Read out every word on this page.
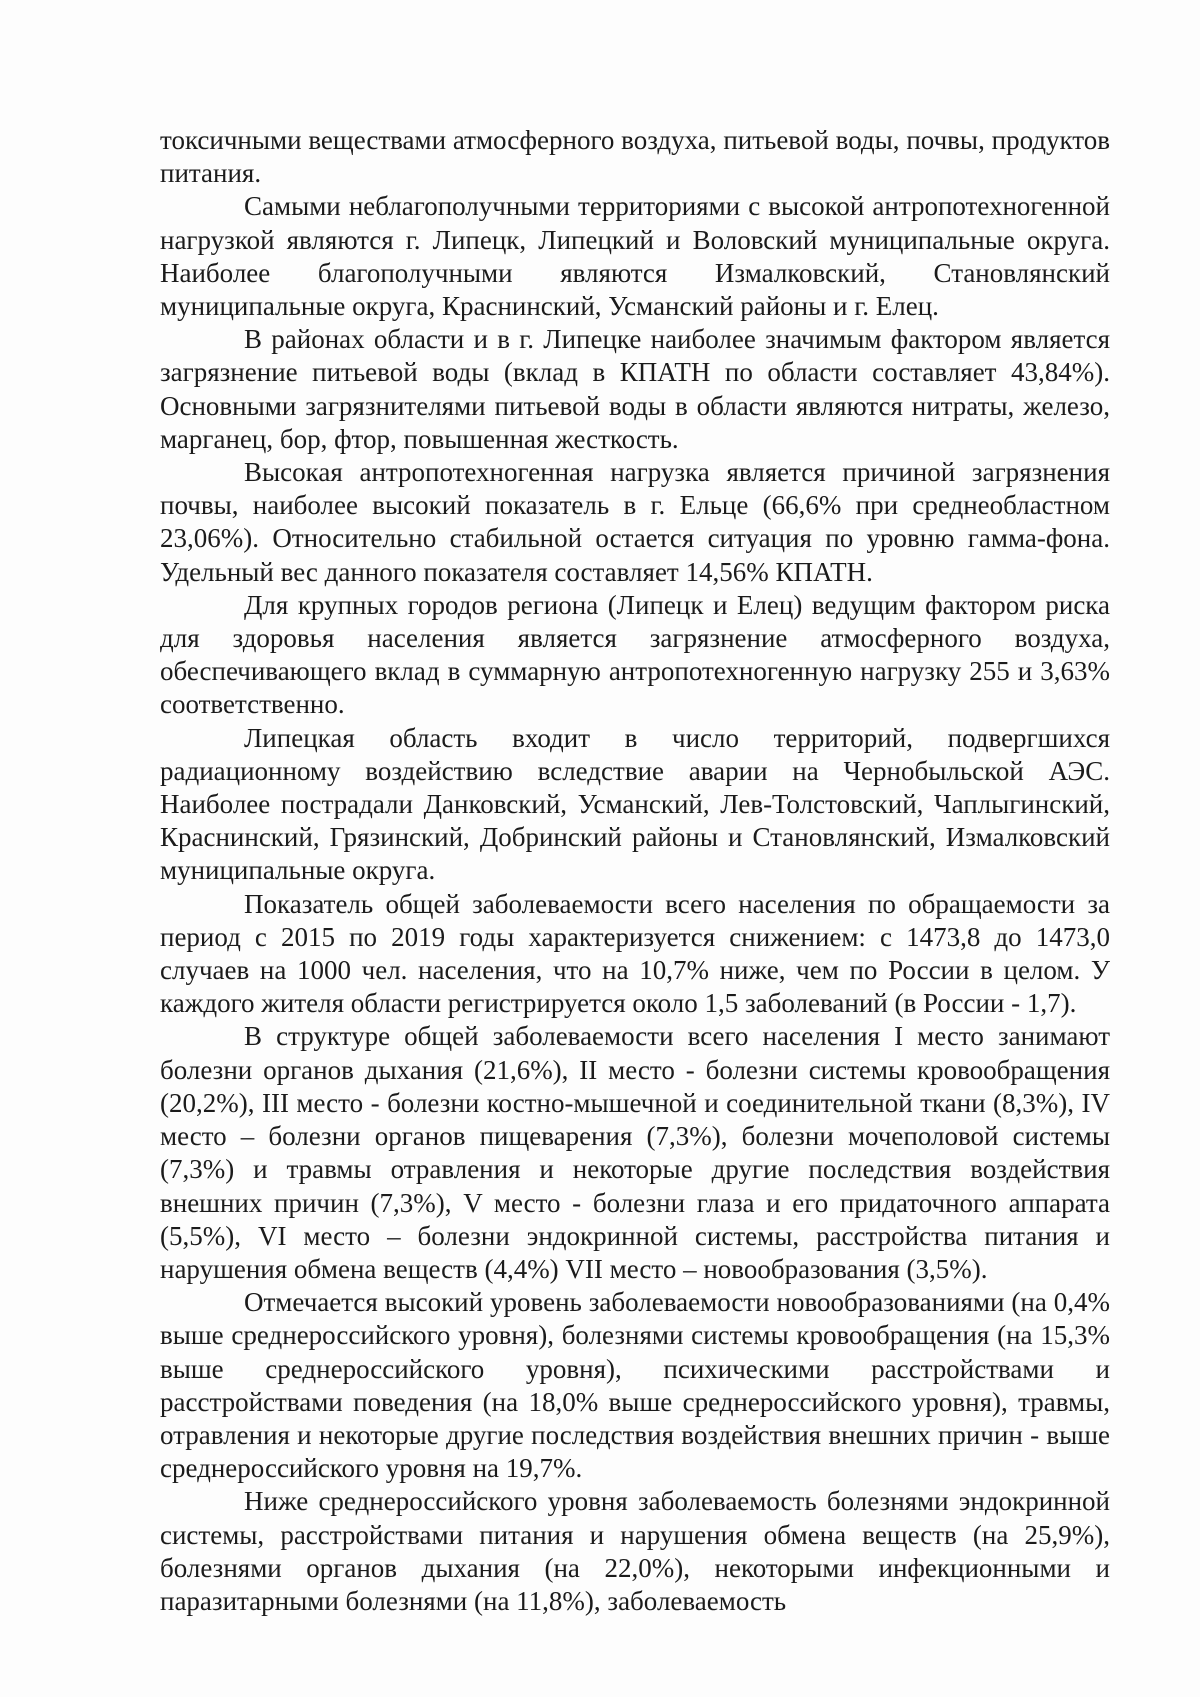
токсичными веществами атмосферного воздуха, питьевой воды, почвы, продуктов питания.

Самыми неблагополучными территориями с высокой антропотехногенной нагрузкой являются г. Липецк, Липецкий и Воловский муниципальные округа. Наиболее благополучными являются Измалковский, Становлянский муниципальные округа, Краснинский, Усманский районы и г. Елец.

В районах области и в г. Липецке наиболее значимым фактором является загрязнение питьевой воды (вклад в КПАТН по области составляет 43,84%). Основными загрязнителями питьевой воды в области являются нитраты, железо, марганец, бор, фтор, повышенная жесткость.

Высокая антропотехногенная нагрузка является причиной загрязнения почвы, наиболее высокий показатель в г. Ельце (66,6% при среднеобластном 23,06%). Относительно стабильной остается ситуация по уровню гамма-фона. Удельный вес данного показателя составляет 14,56% КПАТН.

Для крупных городов региона (Липецк и Елец) ведущим фактором риска для здоровья населения является загрязнение атмосферного воздуха, обеспечивающего вклад в суммарную антропотехногенную нагрузку 255 и 3,63% соответственно.

Липецкая область входит в число территорий, подвергшихся радиационному воздействию вследствие аварии на Чернобыльской АЭС. Наиболее пострадали Данковский, Усманский, Лев-Толстовский, Чаплыгинский, Краснинский, Грязинский, Добринский районы и Становлянский, Измалковский муниципальные округа.

Показатель общей заболеваемости всего населения по обращаемости за период с 2015 по 2019 годы характеризуется снижением: с 1473,8 до 1473,0 случаев на 1000 чел. населения, что на 10,7% ниже, чем по России в целом. У каждого жителя области регистрируется около 1,5 заболеваний (в России - 1,7).

В структуре общей заболеваемости всего населения I место занимают болезни органов дыхания (21,6%), II место - болезни системы кровообращения (20,2%), III место - болезни костно-мышечной и соединительной ткани (8,3%), IV место – болезни органов пищеварения (7,3%), болезни мочеполовой системы (7,3%) и травмы отравления и некоторые другие последствия воздействия внешних причин (7,3%), V место - болезни глаза и его придаточного аппарата (5,5%), VI место – болезни эндокринной системы, расстройства питания и нарушения обмена веществ (4,4%) VII место – новообразования (3,5%).

Отмечается высокий уровень заболеваемости новообразованиями (на 0,4% выше среднероссийского уровня), болезнями системы кровообращения (на 15,3% выше среднероссийского уровня), психическими расстройствами и расстройствами поведения (на 18,0% выше среднероссийского уровня), травмы, отравления и некоторые другие последствия воздействия внешних причин - выше среднероссийского уровня на 19,7%.

Ниже среднероссийского уровня заболеваемость болезнями эндокринной системы, расстройствами питания и нарушения обмена веществ (на 25,9%), болезнями органов дыхания (на 22,0%), некоторыми инфекционными и паразитарными болезнями (на 11,8%), заболеваемость
